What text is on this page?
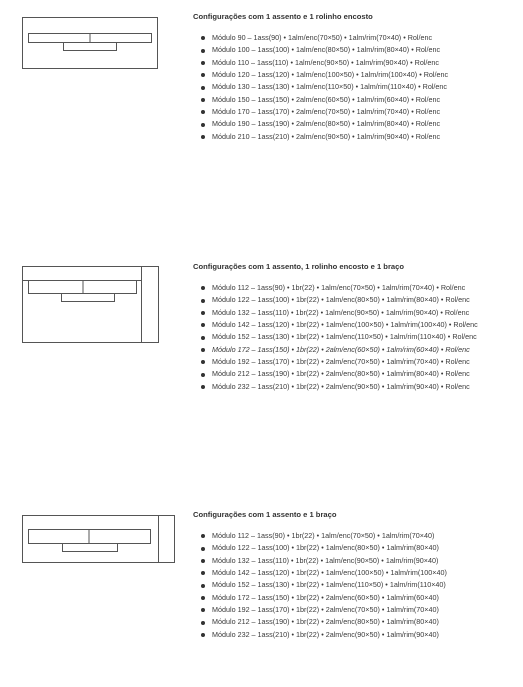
Configurações com 1 assento e 1 rolinho encosto
Módulo 90 – 1ass(90) • 1alm/enc(70×50) • 1alm/rim(70×40) • Rol/enc
Módulo 100 – 1ass(100) • 1alm/enc(80×50) • 1alm/rim(80×40) • Rol/enc
Módulo 110 – 1ass(110) • 1alm/enc(90×50) • 1alm/rim(90×40) • Rol/enc
Módulo 120 – 1ass(120) • 1alm/enc(100×50) • 1alm/rim(100×40) • Rol/enc
Módulo 130 – 1ass(130) • 1alm/enc(110×50) • 1alm/rim(110×40) • Rol/enc
Módulo 150 – 1ass(150) • 2alm/enc(60×50) • 1alm/rim(60×40) • Rol/enc
Módulo 170 – 1ass(170) • 2alm/enc(70×50) • 1alm/rim(70×40) • Rol/enc
Módulo 190 – 1ass(190) • 2alm/enc(80×50) • 1alm/rim(80×40) • Rol/enc
Módulo 210 – 1ass(210) • 2alm/enc(90×50) • 1alm/rim(90×40) • Rol/enc
Configurações com 1 assento, 1 rolinho encosto e 1 braço
Módulo 112 – 1ass(90) • 1br(22) • 1alm/enc(70×50) • 1alm/rim(70×40) • Rol/enc
Módulo 122 – 1ass(100) • 1br(22) • 1alm/enc(80×50) • 1alm/rim(80×40) • Rol/enc
Módulo 132 – 1ass(110) • 1br(22) • 1alm/enc(90×50) • 1alm/rim(90×40) • Rol/enc
Módulo 142 – 1ass(120) • 1br(22) • 1alm/enc(100×50) • 1alm/rim(100×40) • Rol/enc
Módulo 152 – 1ass(130) • 1br(22) • 1alm/enc(110×50) • 1alm/rim(110×40) • Rol/enc
Módulo 172 – 1ass(150) • 1br(22) • 2alm/enc(60×50) • 1alm/rim(60×40) • Rol/enc
Módulo 192 – 1ass(170) • 1br(22) • 2alm/enc(70×50) • 1alm/rim(70×40) • Rol/enc
Módulo 212 – 1ass(190) • 1br(22) • 2alm/enc(80×50) • 1alm/rim(80×40) • Rol/enc
Módulo 232 – 1ass(210) • 1br(22) • 2alm/enc(90×50) • 1alm/rim(90×40) • Rol/enc
Configurações com 1 assento e 1 braço
Módulo 112 – 1ass(90) • 1br(22) • 1alm/enc(70×50) • 1alm/rim(70×40)
Módulo 122 – 1ass(100) • 1br(22) • 1alm/enc(80×50) • 1alm/rim(80×40)
Módulo 132 – 1ass(110) • 1br(22) • 1alm/enc(90×50) • 1alm/rim(90×40)
Módulo 142 – 1ass(120) • 1br(22) • 1alm/enc(100×50) • 1alm/rim(100×40)
Módulo 152 – 1ass(130) • 1br(22) • 1alm/enc(110×50) • 1alm/rim(110×40)
Módulo 172 – 1ass(150) • 1br(22) • 2alm/enc(60×50) • 1alm/rim(60×40)
Módulo 192 – 1ass(170) • 1br(22) • 2alm/enc(70×50) • 1alm/rim(70×40)
Módulo 212 – 1ass(190) • 1br(22) • 2alm/enc(80×50) • 1alm/rim(80×40)
Módulo 232 – 1ass(210) • 1br(22) • 2alm/enc(90×50) • 1alm/rim(90×40)
